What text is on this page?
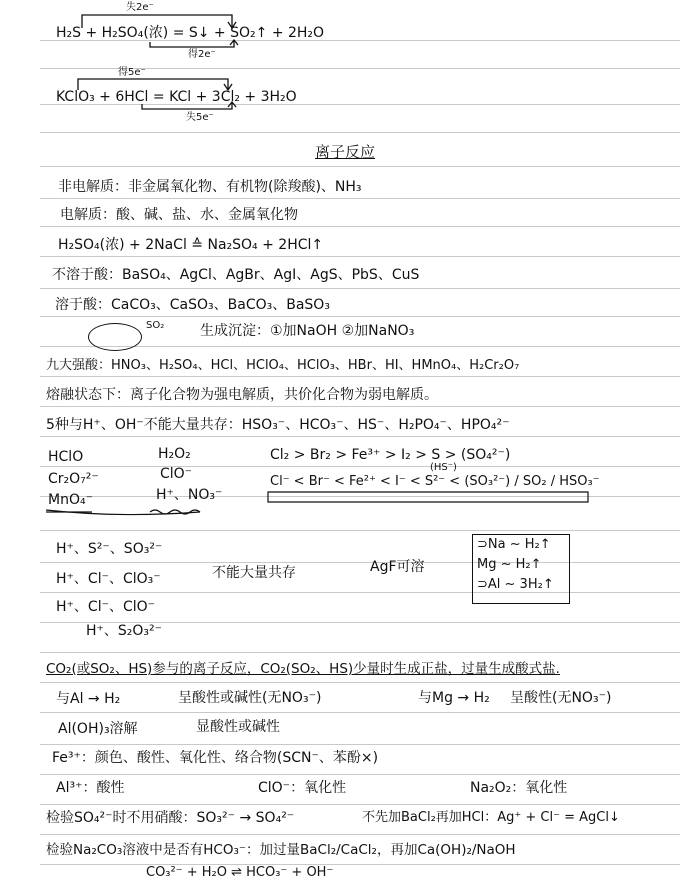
失2e⁻
H₂S + H₂SO₄(浓) = S↓ + SO₂↑ + 2H₂O
得2e⁻
得5e⁻
KClO₃ + 6HCl = KCl + 3Cl₂ + 3H₂O
失5e⁻
离子反应
非电解质：非金属氧化物、有机物(除羧酸)、NH₃
电解质：酸、碱、盐、水、金属氧化物
H₂SO₄(浓) + 2NaCl ≙ Na₂SO₄ + 2HCl↑
不溶于酸：BaSO₄、AgCl、AgBr、AgI、AgS、PbS、CuS
溶于酸：CaCO₃、CaSO₃、BaCO₃、BaSO₃
SO₂	生成沉淀：①加NaOH ②加NaNO₃
九大强酸：HNO₃、H₂SO₄、HCl、HClO₄、HClO₃、HBr、HI、HMnO₄、H₂Cr₂O₇
熔融状态下：离子化合物为强电解质，共价化合物为弱电解质。
5种与H⁺、OH⁻不能大量共存：HSO₃⁻、HCO₃⁻、HS⁻、H₂PO₄⁻、HPO₄²⁻
HClO
Cr₂O₇²⁻
MnO₄⁻
H₂O₂
ClO⁻
H⁺、NO₃⁻
Cl₂ > Br₂ > Fe³⁺ > I₂ > S > (SO₄²⁻)
(HS⁻)
Cl⁻ < Br⁻ < Fe²⁺ < I⁻ < S²⁻ < (SO₃²⁻) / SO₂ / HSO₃⁻
H⁺、S²⁻、SO₃²⁻
H⁺、Cl⁻、ClO₃⁻
H⁺、Cl⁻、ClO⁻
H⁺、S₂O₃²⁻
不能大量共存	AgF可溶
⊃Na ~ H₂↑
Mg ~ H₂↑
⊃Al ~ 3H₂↑
CO₂(或SO₂、HS)参与的离子反应，CO₂(SO₂、HS)少量时生成正盐，过量生成酸式盐.
与Al → H₂	呈酸性或碱性(无NO₃⁻)	与Mg → H₂ 呈酸性(无NO₃⁻)
Al(OH)₃溶解	显酸性或碱性
Fe³⁺：颜色、酸性、氧化性、络合物(SCN⁻、苯酚×)
Al³⁺：酸性	ClO⁻：氧化性	Na₂O₂：氧化性
检验SO₄²⁻时不用硝酸：SO₃²⁻ → SO₄²⁻	不先加BaCl₂再加HCl：Ag⁺ + Cl⁻ = AgCl↓
检验Na₂CO₃溶液中是否有HCO₃⁻：加过量BaCl₂/CaCl₂，再加Ca(OH)₂/NaOH
CO₃²⁻ + H₂O ⇌ HCO₃⁻ + OH⁻
